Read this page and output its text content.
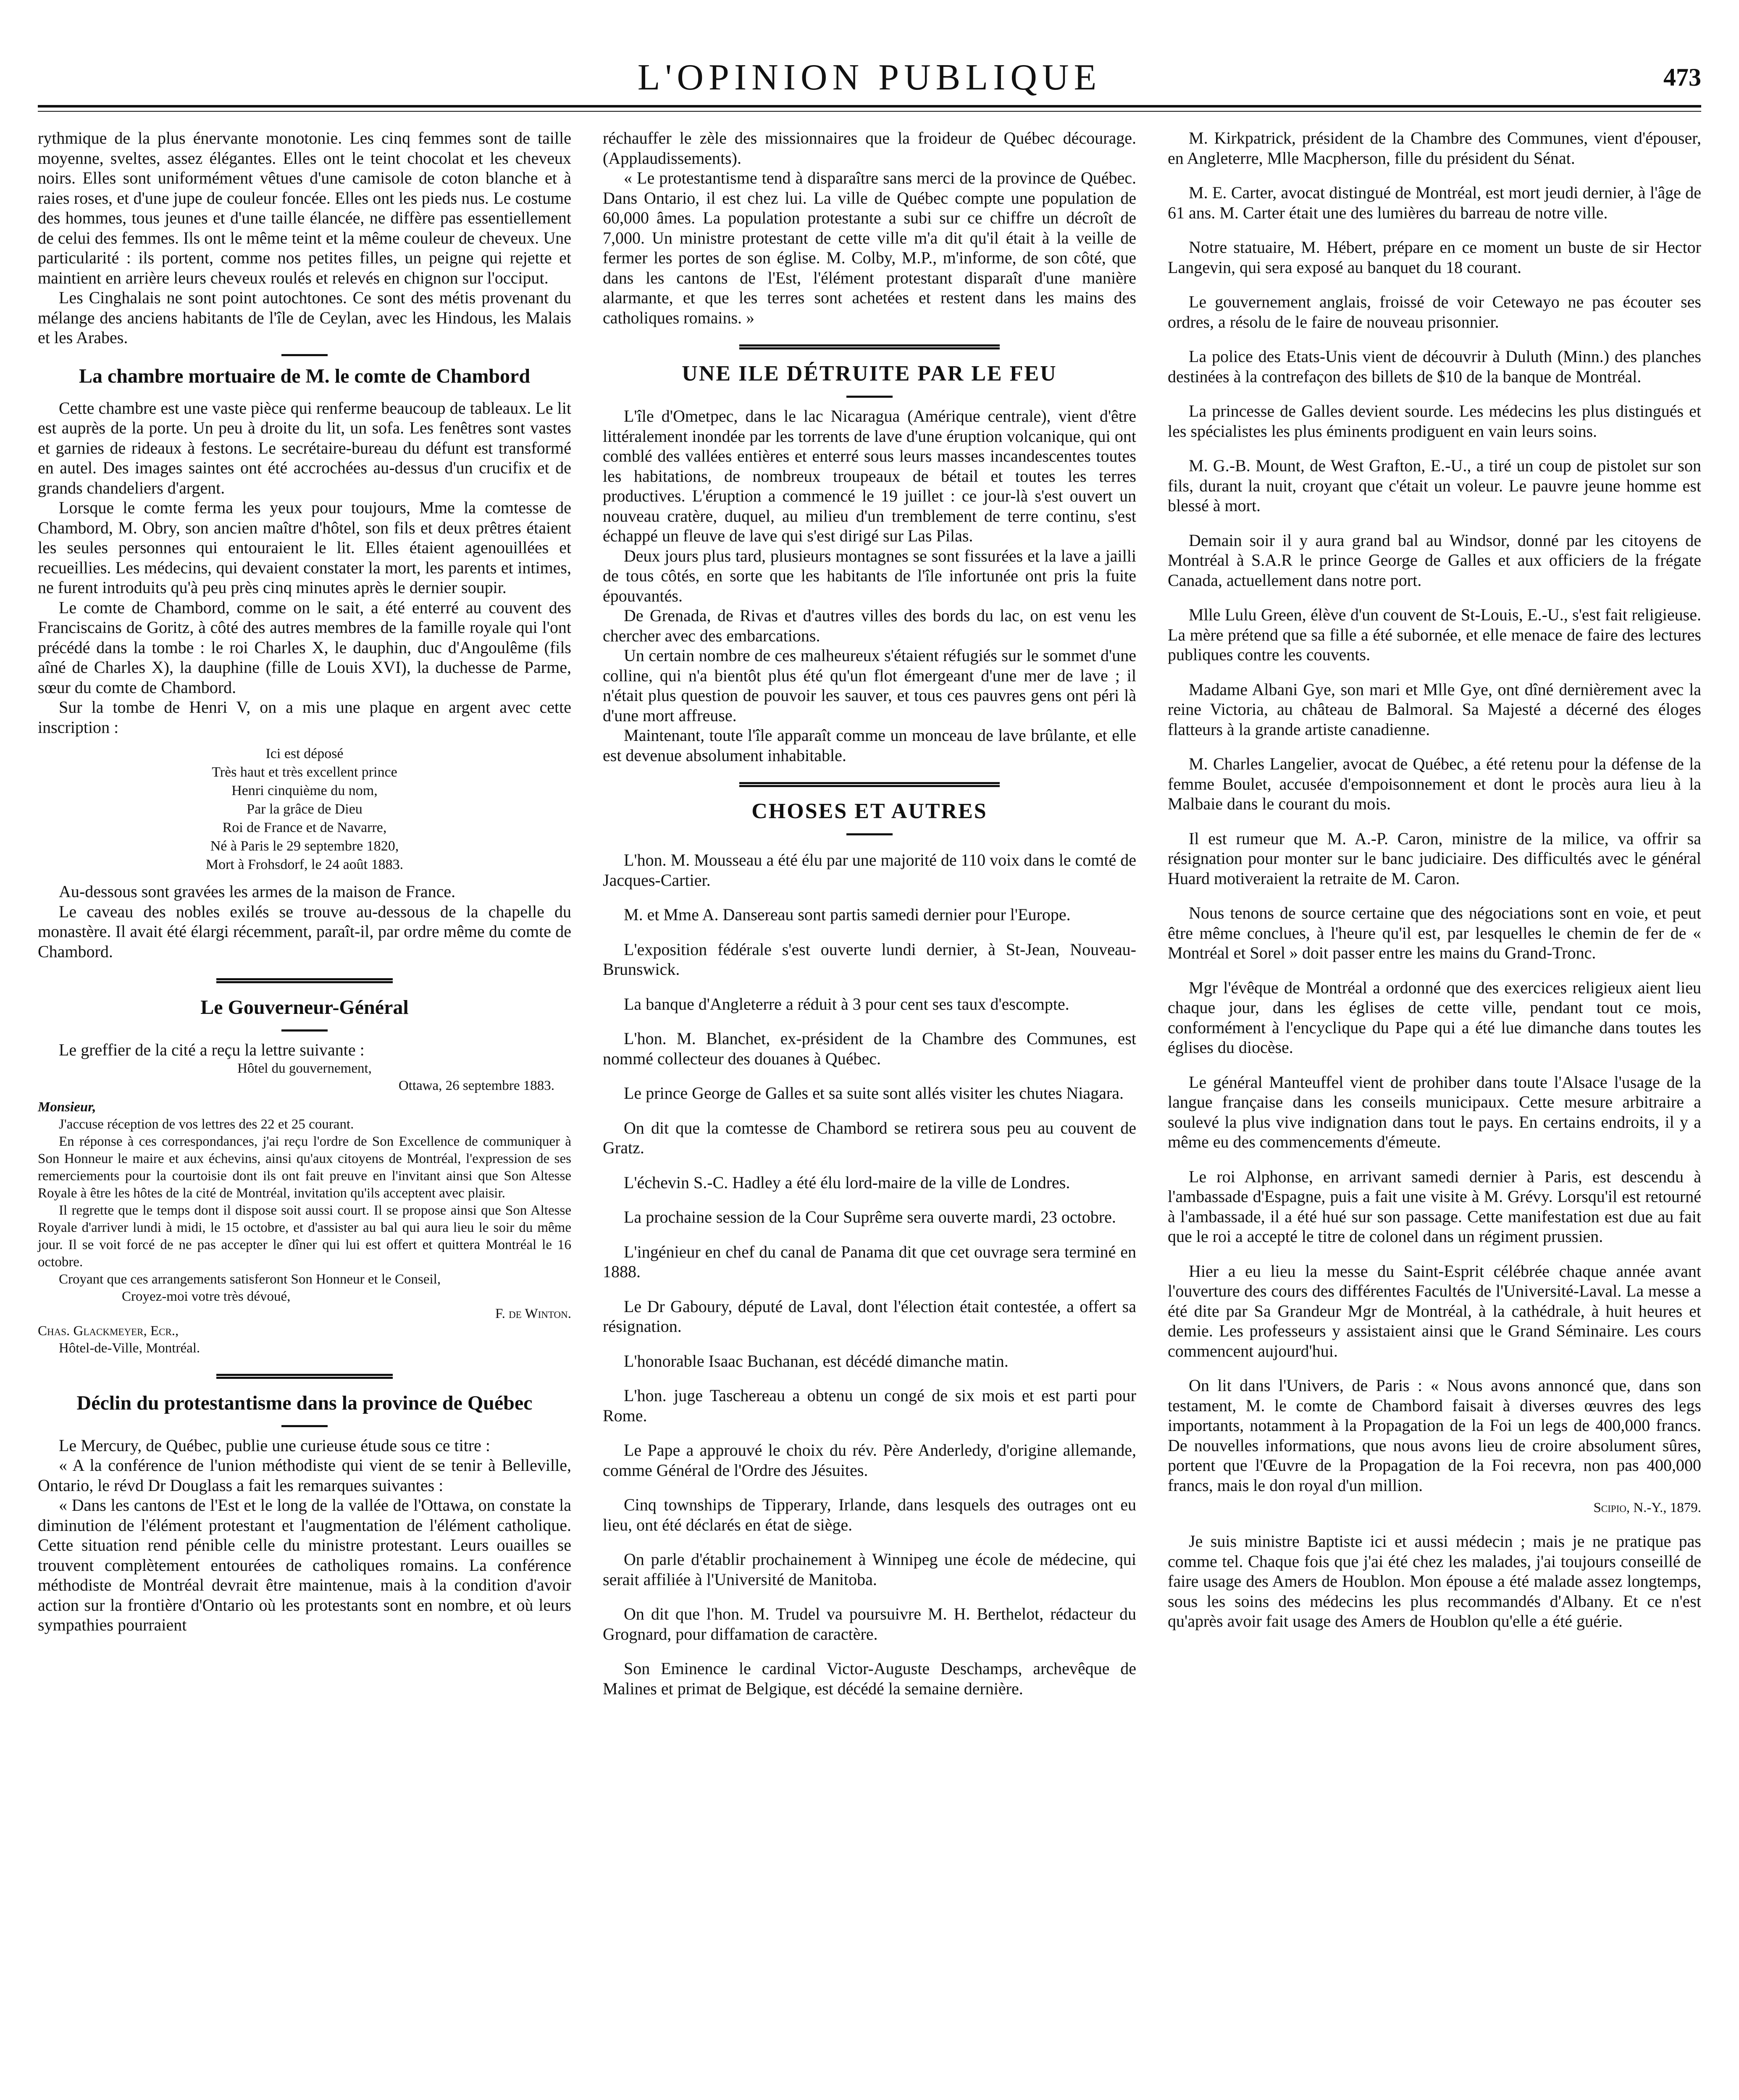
L'OPINION PUBLIQUE	473

rythmique de la plus énervante monotonie. Les cinq femmes sont de taille moyenne, sveltes, assez élégantes. Elles ont le teint chocolat et les cheveux noirs. Elles sont uniformément vêtues d'une camisole de coton blanche et à raies roses, et d'une jupe de couleur foncée. Elles ont les pieds nus. Le costume des hommes, tous jeunes et d'une taille élancée, ne diffère pas essentiellement de celui des femmes. Ils ont le même teint et la même couleur de cheveux. Une particularité : ils portent, comme nos petites filles, un peigne qui rejette et maintient en arrière leurs cheveux roulés et relevés en chignon sur l'occiput.

Les Cinghalais ne sont point autochtones. Ce sont des métis provenant du mélange des anciens habitants de l'île de Ceylan, avec les Hindous, les Malais et les Arabes.

La chambre mortuaire de M. le comte de Chambord

Cette chambre est une vaste pièce qui renferme beaucoup de tableaux. Le lit est auprès de la porte. Un peu à droite du lit, un sofa. Les fenêtres sont vastes et garnies de rideaux à festons. Le secrétaire-bureau du défunt est transformé en autel. Des images saintes ont été accrochées au-dessus d'un crucifix et de grands chandeliers d'argent.

Lorsque le comte ferma les yeux pour toujours, Mme la comtesse de Chambord, M. Obry, son ancien maître d'hôtel, son fils et deux prêtres étaient les seules personnes qui entouraient le lit. Elles étaient agenouillées et recueillies. Les médecins, qui devaient constater la mort, les parents et intimes, ne furent introduits qu'à peu près cinq minutes après le dernier soupir.

Le comte de Chambord, comme on le sait, a été enterré au couvent des Franciscains de Goritz, à côté des autres membres de la famille royale qui l'ont précédé dans la tombe : le roi Charles X, le dauphin, duc d'Angoulême (fils aîné de Charles X), la dauphine (fille de Louis XVI), la duchesse de Parme, sœur du comte de Chambord.

Sur la tombe de Henri V, on a mis une plaque en argent avec cette inscription :

Ici est déposé
Très haut et très excellent prince
Henri cinquième du nom,
Par la grâce de Dieu
Roi de France et de Navarre,
Né à Paris le 29 septembre 1820,
Mort à Frohsdorf, le 24 août 1883.

Au-dessous sont gravées les armes de la maison de France.

Le caveau des nobles exilés se trouve au-dessous de la chapelle du monastère. Il avait été élargi récemment, paraît-il, par ordre même du comte de Chambord.

Le Gouverneur-Général

Le greffier de la cité a reçu la lettre suivante :

Hôtel du gouvernement,
Ottawa, 26 septembre 1883.
Monsieur,
J'accuse réception de vos lettres des 22 et 25 courant.
En réponse à ces correspondances, j'ai reçu l'ordre de Son Excellence de communiquer à Son Honneur le maire et aux échevins, ainsi qu'aux citoyens de Montréal, l'expression de ses remerciements pour la courtoisie dont ils ont fait preuve en l'invitant ainsi que Son Altesse Royale à être les hôtes de la cité de Montréal, invitation qu'ils acceptent avec plaisir.
Il regrette que le temps dont il dispose soit aussi court. Il se propose ainsi que Son Altesse Royale d'arriver lundi à midi, le 15 octobre, et d'assister au bal qui aura lieu le soir du même jour. Il se voit forcé de ne pas accepter le dîner qui lui est offert et quittera Montréal le 16 octobre.
Croyant que ces arrangements satisferont Son Honneur et le Conseil,
Croyez-moi votre très dévoué,
F. de Winton.
Chas. Glackmeyer, Ecr.,
Hôtel-de-Ville, Montréal.
Déclin du protestantisme dans la province de Québec

Le Mercury, de Québec, publie une curieuse étude sous ce titre :

« A la conférence de l'union méthodiste qui vient de se tenir à Belleville, Ontario, le révd Dr Douglass a fait les remarques suivantes :

« Dans les cantons de l'Est et le long de la vallée de l'Ottawa, on constate la diminution de l'élément protestant et l'augmentation de l'élément catholique. Cette situation rend pénible celle du ministre protestant. Leurs ouailles se trouvent complètement entourées de catholiques romains. La conférence méthodiste de Montréal devrait être maintenue, mais à la condition d'avoir action sur la frontière d'Ontario où les protestants sont en nombre, et où leurs sympathies pourraient

réchauffer le zèle des missionnaires que la froideur de Québec décourage. (Applaudissements).

« Le protestantisme tend à disparaître sans merci de la province de Québec. Dans Ontario, il est chez lui. La ville de Québec compte une population de 60,000 âmes. La population protestante a subi sur ce chiffre un décroît de 7,000. Un ministre protestant de cette ville m'a dit qu'il était à la veille de fermer les portes de son église. M. Colby, M.P., m'informe, de son côté, que dans les cantons de l'Est, l'élément protestant disparaît d'une manière alarmante, et que les terres sont achetées et restent dans les mains des catholiques romains. »

UNE ILE DÉTRUITE PAR LE FEU

L'île d'Ometpec, dans le lac Nicaragua (Amérique centrale), vient d'être littéralement inondée par les torrents de lave d'une éruption volcanique, qui ont comblé des vallées entières et enterré sous leurs masses incandescentes toutes les habitations, de nombreux troupeaux de bétail et toutes les terres productives. L'éruption a commencé le 19 juillet : ce jour-là s'est ouvert un nouveau cratère, duquel, au milieu d'un tremblement de terre continu, s'est échappé un fleuve de lave qui s'est dirigé sur Las Pilas.

Deux jours plus tard, plusieurs montagnes se sont fissurées et la lave a jailli de tous côtés, en sorte que les habitants de l'île infortunée ont pris la fuite épouvantés.

De Grenada, de Rivas et d'autres villes des bords du lac, on est venu les chercher avec des embarcations.

Un certain nombre de ces malheureux s'étaient réfugiés sur le sommet d'une colline, qui n'a bientôt plus été qu'un flot émergeant d'une mer de lave ; il n'était plus question de pouvoir les sauver, et tous ces pauvres gens ont péri là d'une mort affreuse.

Maintenant, toute l'île apparaît comme un monceau de lave brûlante, et elle est devenue absolument inhabitable.

CHOSES ET AUTRES

L'hon. M. Mousseau a été élu par une majorité de 110 voix dans le comté de Jacques-Cartier.

M. et Mme A. Dansereau sont partis samedi dernier pour l'Europe.

L'exposition fédérale s'est ouverte lundi dernier, à St-Jean, Nouveau-Brunswick.

La banque d'Angleterre a réduit à 3 pour cent ses taux d'escompte.

L'hon. M. Blanchet, ex-président de la Chambre des Communes, est nommé collecteur des douanes à Québec.

Le prince George de Galles et sa suite sont allés visiter les chutes Niagara.

On dit que la comtesse de Chambord se retirera sous peu au couvent de Gratz.

L'échevin S.-C. Hadley a été élu lord-maire de la ville de Londres.

La prochaine session de la Cour Suprême sera ouverte mardi, 23 octobre.

L'ingénieur en chef du canal de Panama dit que cet ouvrage sera terminé en 1888.

Le Dr Gaboury, député de Laval, dont l'élection était contestée, a offert sa résignation.

L'honorable Isaac Buchanan, est décédé dimanche matin.

L'hon. juge Taschereau a obtenu un congé de six mois et est parti pour Rome.

Le Pape a approuvé le choix du rév. Père Anderledy, d'origine allemande, comme Général de l'Ordre des Jésuites.

Cinq townships de Tipperary, Irlande, dans lesquels des outrages ont eu lieu, ont été déclarés en état de siège.

On parle d'établir prochainement à Winnipeg une école de médecine, qui serait affiliée à l'Université de Manitoba.

On dit que l'hon. M. Trudel va poursuivre M. H. Berthelot, rédacteur du Grognard, pour diffamation de caractère.

Son Eminence le cardinal Victor-Auguste Deschamps, archevêque de Malines et primat de Belgique, est décédé la semaine dernière.

M. Kirkpatrick, président de la Chambre des Communes, vient d'épouser, en Angleterre, Mlle Macpherson, fille du président du Sénat.

M. E. Carter, avocat distingué de Montréal, est mort jeudi dernier, à l'âge de 61 ans. M. Carter était une des lumières du barreau de notre ville.

Notre statuaire, M. Hébert, prépare en ce moment un buste de sir Hector Langevin, qui sera exposé au banquet du 18 courant.

Le gouvernement anglais, froissé de voir Cetewayo ne pas écouter ses ordres, a résolu de le faire de nouveau prisonnier.

La police des Etats-Unis vient de découvrir à Duluth (Minn.) des planches destinées à la contrefaçon des billets de $10 de la banque de Montréal.

La princesse de Galles devient sourde. Les médecins les plus distingués et les spécialistes les plus éminents prodiguent en vain leurs soins.

M. G.-B. Mount, de West Grafton, E.-U., a tiré un coup de pistolet sur son fils, durant la nuit, croyant que c'était un voleur. Le pauvre jeune homme est blessé à mort.

Demain soir il y aura grand bal au Windsor, donné par les citoyens de Montréal à S.A.R le prince George de Galles et aux officiers de la frégate Canada, actuellement dans notre port.

Mlle Lulu Green, élève d'un couvent de St-Louis, E.-U., s'est fait religieuse. La mère prétend que sa fille a été subornée, et elle menace de faire des lectures publiques contre les couvents.

Madame Albani Gye, son mari et Mlle Gye, ont dîné dernièrement avec la reine Victoria, au château de Balmoral. Sa Majesté a décerné des éloges flatteurs à la grande artiste canadienne.

M. Charles Langelier, avocat de Québec, a été retenu pour la défense de la femme Boulet, accusée d'empoisonnement et dont le procès aura lieu à la Malbaie dans le courant du mois.

Il est rumeur que M. A.-P. Caron, ministre de la milice, va offrir sa résignation pour monter sur le banc judiciaire. Des difficultés avec le général Huard motiveraient la retraite de M. Caron.

Nous tenons de source certaine que des négociations sont en voie, et peut être même conclues, à l'heure qu'il est, par lesquelles le chemin de fer de « Montréal et Sorel » doit passer entre les mains du Grand-Tronc.

Mgr l'évêque de Montréal a ordonné que des exercices religieux aient lieu chaque jour, dans les églises de cette ville, pendant tout ce mois, conformément à l'encyclique du Pape qui a été lue dimanche dans toutes les églises du diocèse.

Le général Manteuffel vient de prohiber dans toute l'Alsace l'usage de la langue française dans les conseils municipaux. Cette mesure arbitraire a soulevé la plus vive indignation dans tout le pays. En certains endroits, il y a même eu des commencements d'émeute.

Le roi Alphonse, en arrivant samedi dernier à Paris, est descendu à l'ambassade d'Espagne, puis a fait une visite à M. Grévy. Lorsqu'il est retourné à l'ambassade, il a été hué sur son passage. Cette manifestation est due au fait que le roi a accepté le titre de colonel dans un régiment prussien.

Hier a eu lieu la messe du Saint-Esprit célébrée chaque année avant l'ouverture des cours des différentes Facultés de l'Université-Laval. La messe a été dite par Sa Grandeur Mgr de Montréal, à la cathédrale, à huit heures et demie. Les professeurs y assistaient ainsi que le Grand Séminaire. Les cours commencent aujourd'hui.

On lit dans l'Univers, de Paris : « Nous avons annoncé que, dans son testament, M. le comte de Chambord faisait à diverses œuvres des legs importants, notamment à la Propagation de la Foi un legs de 400,000 francs. De nouvelles informations, que nous avons lieu de croire absolument sûres, portent que l'Œuvre de la Propagation de la Foi recevra, non pas 400,000 francs, mais le don royal d'un million.

Scipio, N.-Y., 1879.

Je suis ministre Baptiste ici et aussi médecin ; mais je ne pratique pas comme tel. Chaque fois que j'ai été chez les malades, j'ai toujours conseillé de faire usage des Amers de Houblon. Mon épouse a été malade assez longtemps, sous les soins des médecins les plus recommandés d'Albany. Et ce n'est qu'après avoir fait usage des Amers de Houblon qu'elle a été guérie.
